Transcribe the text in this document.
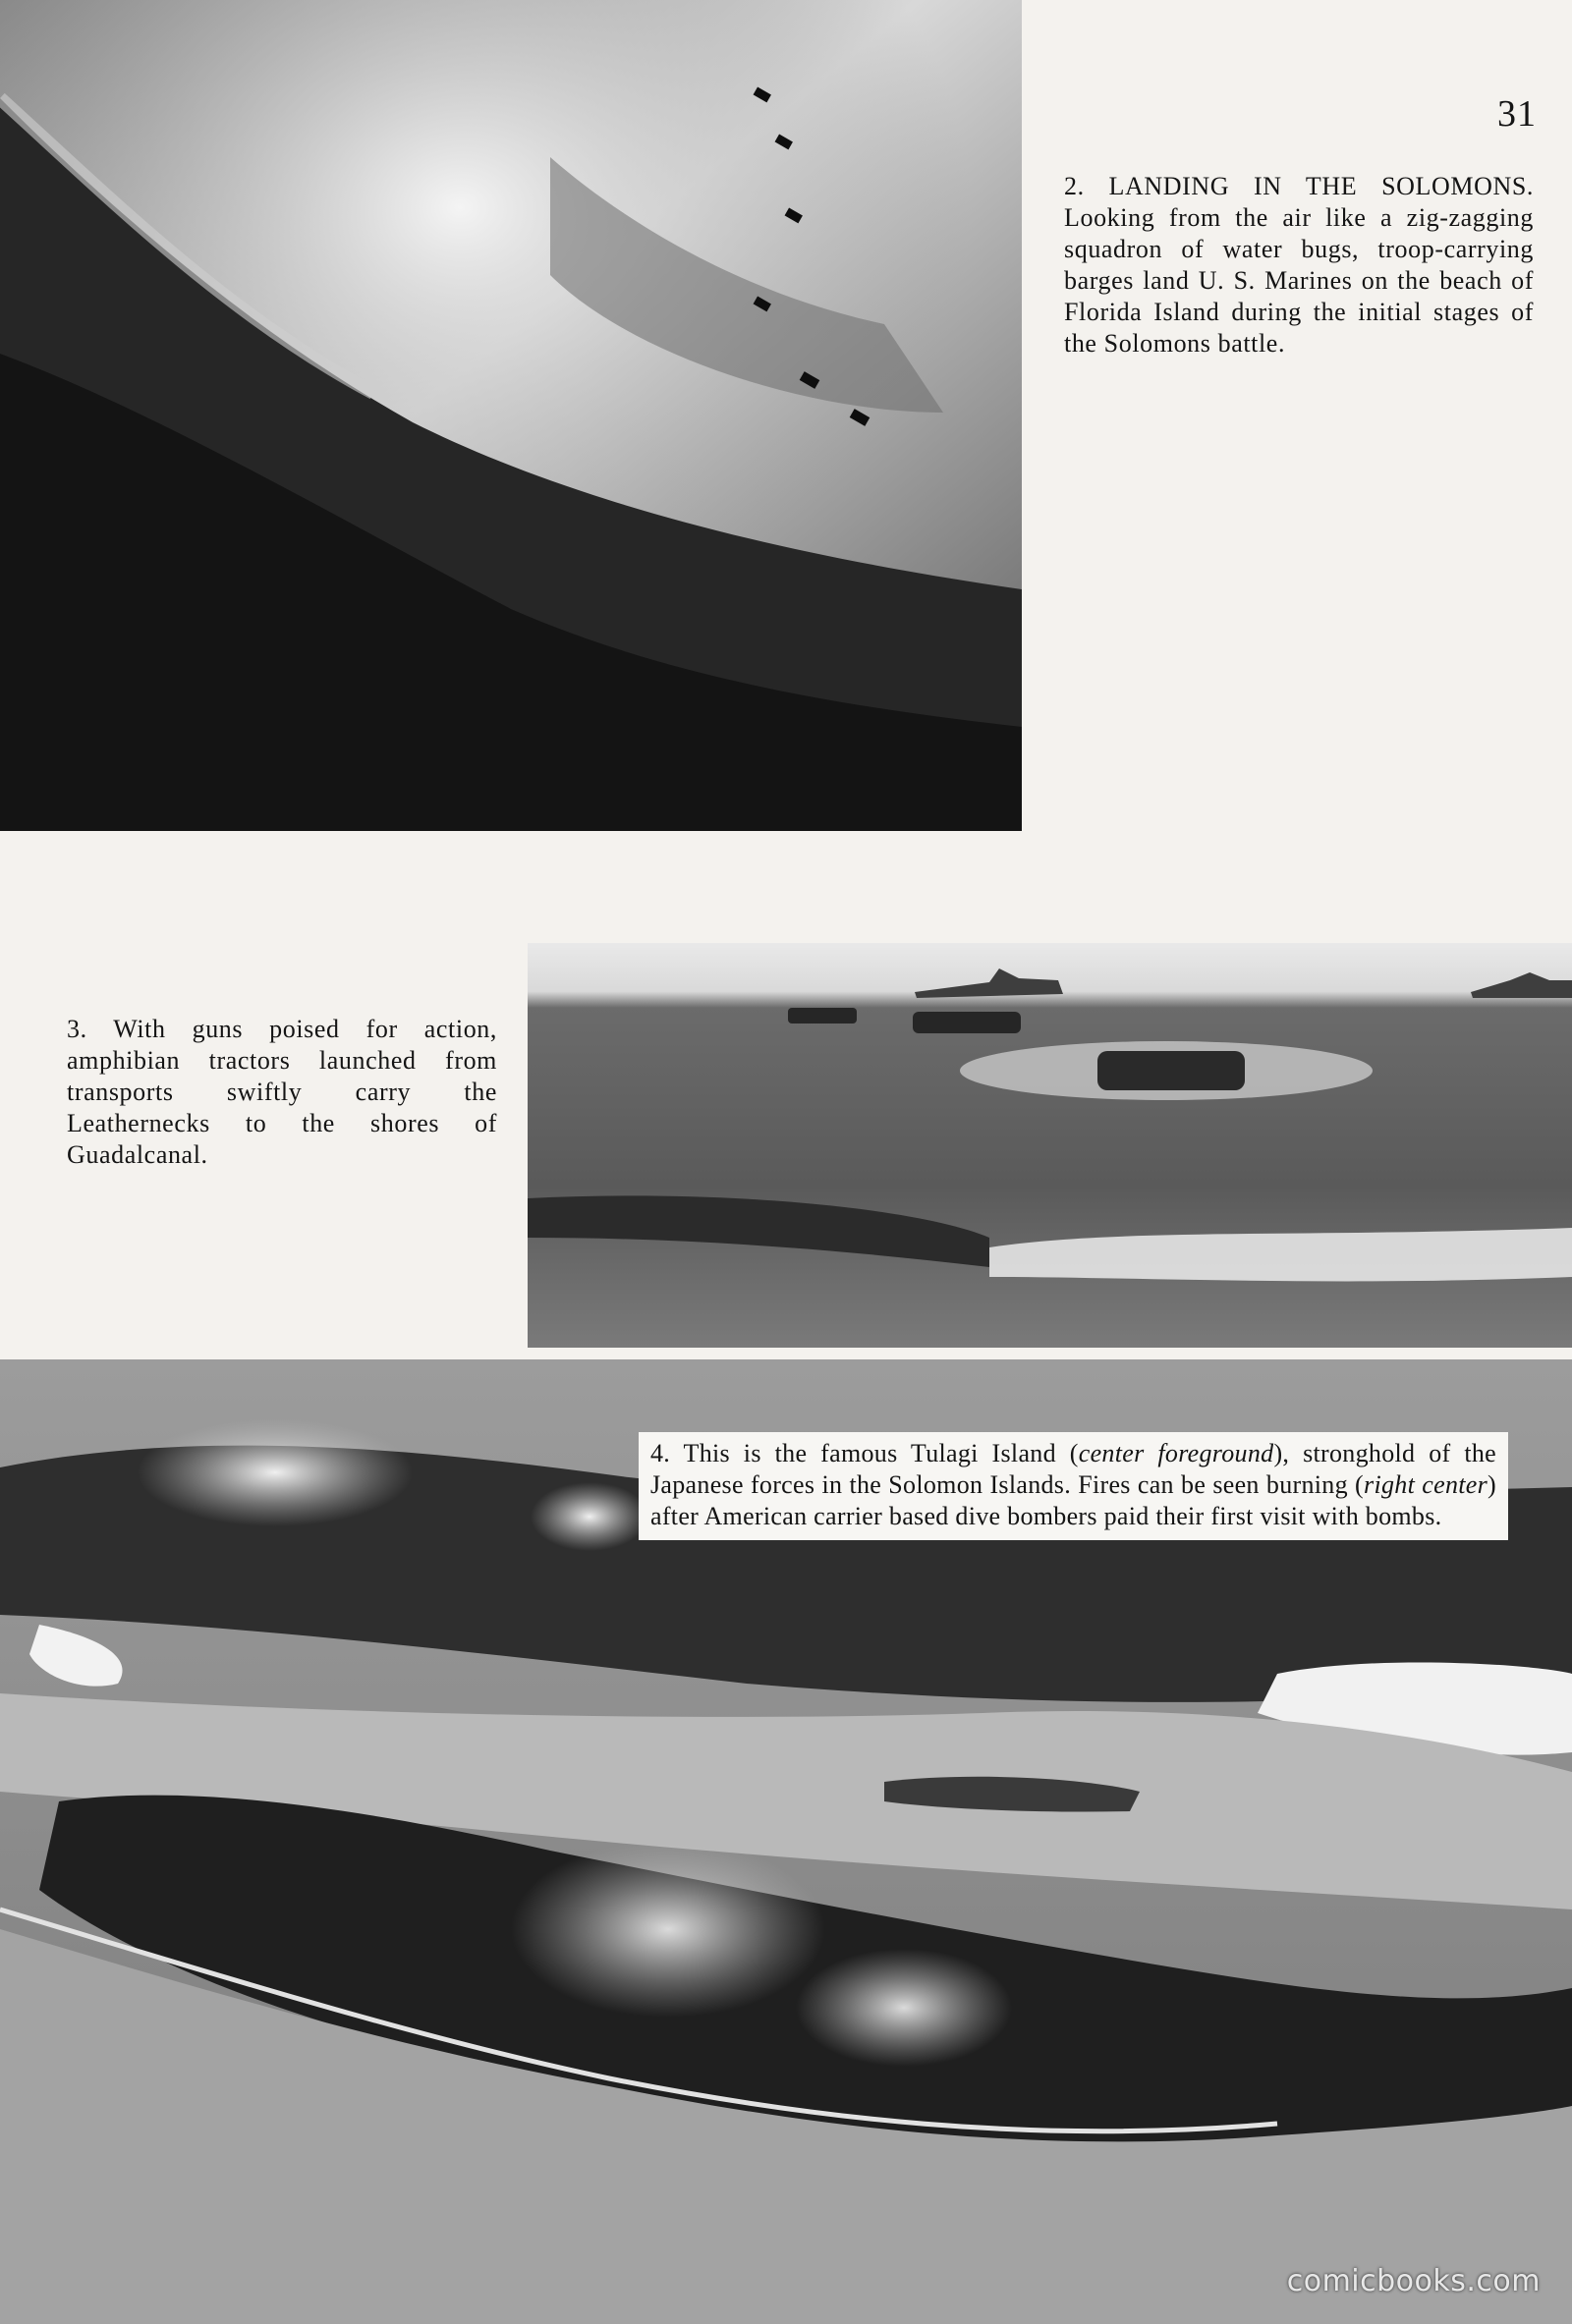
31
2. LANDING IN THE SOLOMONS. Looking from the air like a zig-zagging squadron of water bugs, troop-carrying barges land U. S. Marines on the beach of Florida Island during the initial stages of the Solomons battle.
3. With guns poised for action, amphibian tractors launched from transports swiftly carry the Leathernecks to the shores of Guadalcanal.
4. This is the famous Tulagi Island (center foreground), stronghold of the Japanese forces in the Solomon Islands. Fires can be seen burning (right center) after American carrier based dive bombers paid their first visit with bombs.
comicbooks.com
